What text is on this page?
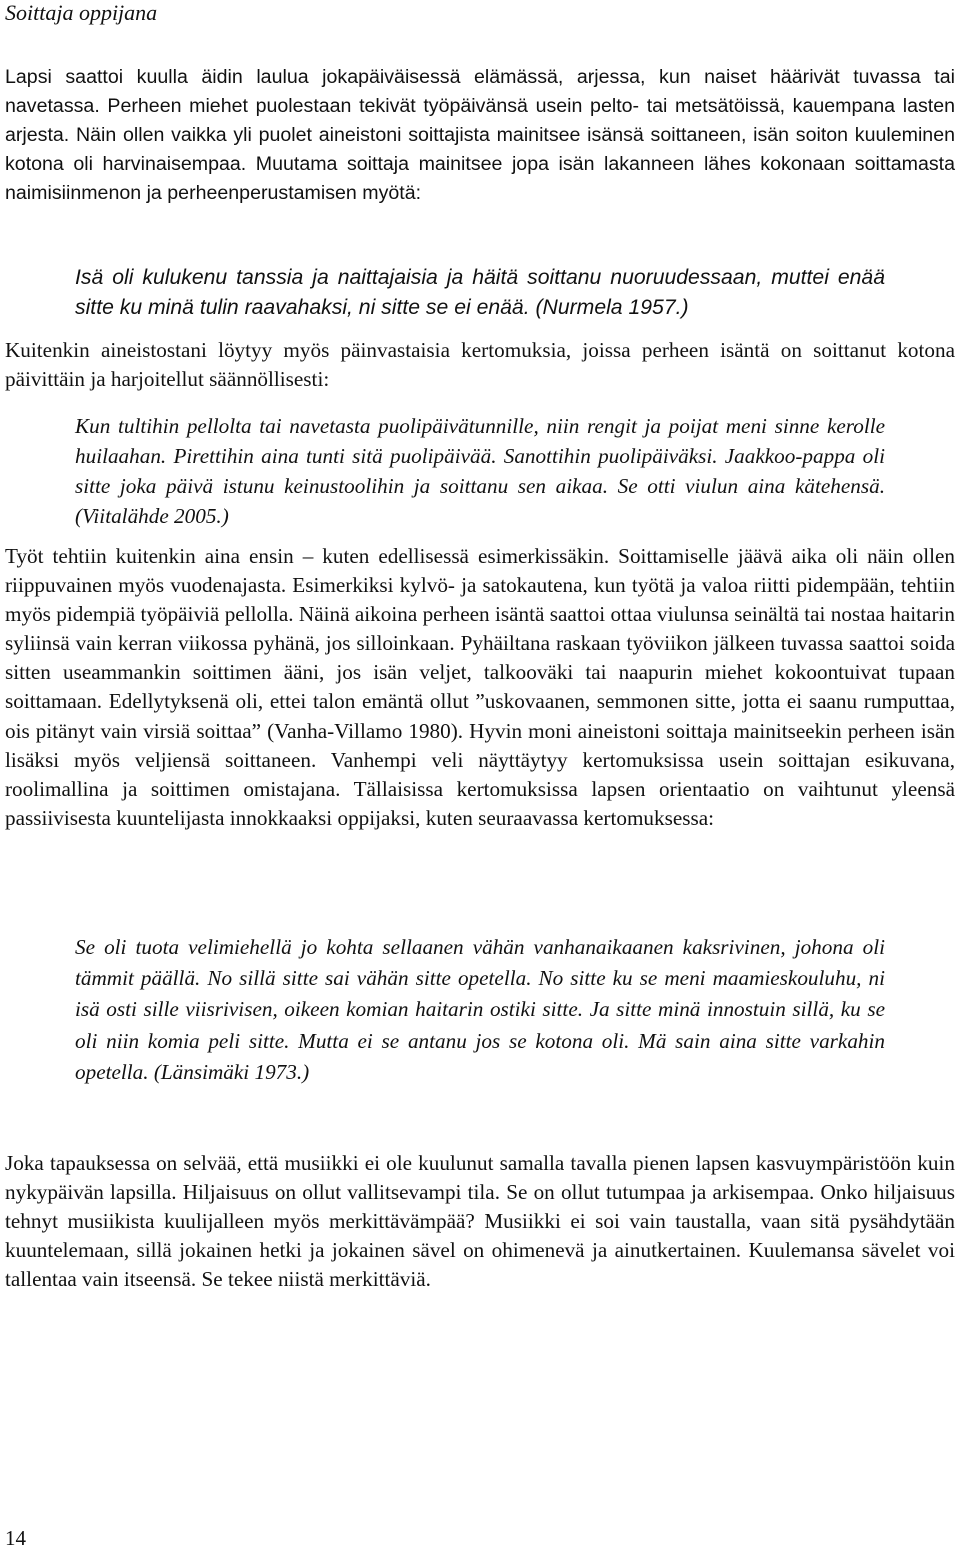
Soittaja oppijana

Lapsi saattoi kuulla äidin laulua jokapäiväisessä elämässä, arjessa, kun naiset häärivät tuvassa tai navetassa. Perheen miehet puolestaan tekivät työpäivänsä usein pelto- tai metsätöissä, kauempana lasten arjesta. Näin ollen vaikka yli puolet aineistoni soittajista mainitsee isänsä soittaneen, isän soiton kuuleminen kotona oli harvinaisempaa. Muutama soittaja mainitsee jopa isän lakanneen lähes kokonaan soittamasta naimisiinmenon ja perheenperustamisen myötä:

Isä oli kulukenu tanssia ja naittajaisia ja häitä soittanu nuoruudessaan, muttei enää sitte ku minä tulin raavahaksi, ni sitte se ei enää. (Nurmela 1957.)

Kuitenkin aineistostani löytyy myös päinvastaisia kertomuksia, joissa perheen isäntä on soittanut kotona päivittäin ja harjoitellut säännöllisesti:

Kun tultihin pellolta tai navetasta puolipäivätunnille, niin rengit ja poijat meni sinne kerolle huilaahan. Pirettihin aina tunti sitä puolipäivää. Sanottihin puolipäiväksi. Jaakkoo-pappa oli sitte joka päivä istunu keinustoolihin ja soittanu sen aikaa. Se otti viulun aina kätehensä. (Viitalähde 2005.)

Työt tehtiin kuitenkin aina ensin – kuten edellisessä esimerkissäkin. Soittamiselle jäävä aika oli näin ollen riippuvainen myös vuodenajasta. Esimerkiksi kylvö- ja satokautena, kun työtä ja valoa riitti pidempään, tehtiin myös pidempiä työpäiviä pellolla. Näinä aikoina perheen isäntä saattoi ottaa viulunsa seinältä tai nostaa haitarin syliinsä vain kerran viikossa pyhänä, jos silloinkaan. Pyhäiltana raskaan työviikon jälkeen tuvassa saattoi soida sitten useammankin soittimen ääni, jos isän veljet, talkooväki tai naapurin miehet kokoontuivat tupaan soittamaan. Edellytyksenä oli, ettei talon emäntä ollut ”uskovaanen, semmonen sitte, jotta ei saanu rumputtaa, ois pitänyt vain virsiä soittaa” (Vanha-Villamo 1980). Hyvin moni aineistoni soittaja mainitseekin perheen isän lisäksi myös veljiensä soittaneen. Vanhempi veli näyttäytyy kertomuksissa usein soittajan esikuvana, roolimallina ja soittimen omistajana. Tällaisissa kertomuksissa lapsen orientaatio on vaihtunut yleensä passiivisesta kuuntelijasta innokkaaksi oppijaksi, kuten seuraavassa kertomuksessa:

Se oli tuota velimiehellä jo kohta sellaanen vähän vanhanaikaanen kaksrivinen, johona oli tämmit päällä. No sillä sitte sai vähän sitte opetella. No sitte ku se meni maamieskouluhu, ni isä osti sille viisrivisen, oikeen komian haitarin ostiki sitte. Ja sitte minä innostuin sillä, ku se oli niin komia peli sitte. Mutta ei se antanu jos se kotona oli. Mä sain aina sitte varkahin opetella. (Länsimäki 1973.)

Joka tapauksessa on selvää, että musiikki ei ole kuulunut samalla tavalla pienen lapsen kasvuympäristöön kuin nykypäivän lapsilla. Hiljaisuus on ollut vallitsevampi tila. Se on ollut tutumpaa ja arkisempaa. Onko hiljaisuus tehnyt musiikista kuulijalleen myös merkittävämpää? Musiikki ei soi vain taustalla, vaan sitä pysähdytään kuuntelemaan, sillä jokainen hetki ja jokainen sävel on ohimenevä ja ainutkertainen. Kuulemansa sävelet voi tallentaa vain itseensä. Se tekee niistä merkittäviä.

14
